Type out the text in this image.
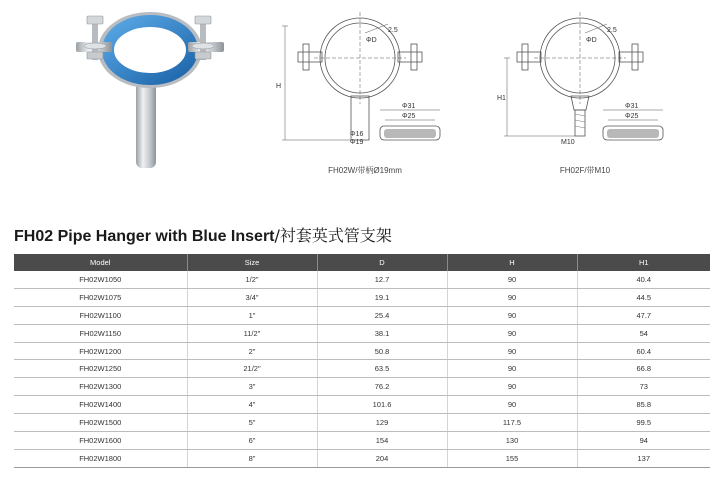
ΦD
2.5
H
Φ31
Φ25
Φ16
Φ19
FH02W/带柄Ø19mm
ΦD
2.5
H1
Φ31
Φ25
M10
FH02F/带M10
FH02 Pipe Hanger with Blue Insert/衬套英式管支架
Model	Size	D	H	H1
FH02W1050	1/2"	12.7	90	40.4
FH02W1075	3/4"	19.1	90	44.5
FH02W1100	1"	25.4	90	47.7
FH02W1150	11/2"	38.1	90	54
FH02W1200	2"	50.8	90	60.4
FH02W1250	21/2"	63.5	90	66.8
FH02W1300	3"	76.2	90	73
FH02W1400	4"	101.6	90	85.8
FH02W1500	5"	129	117.5	99.5
FH02W1600	6"	154	130	94
FH02W1800	8"	204	155	137
